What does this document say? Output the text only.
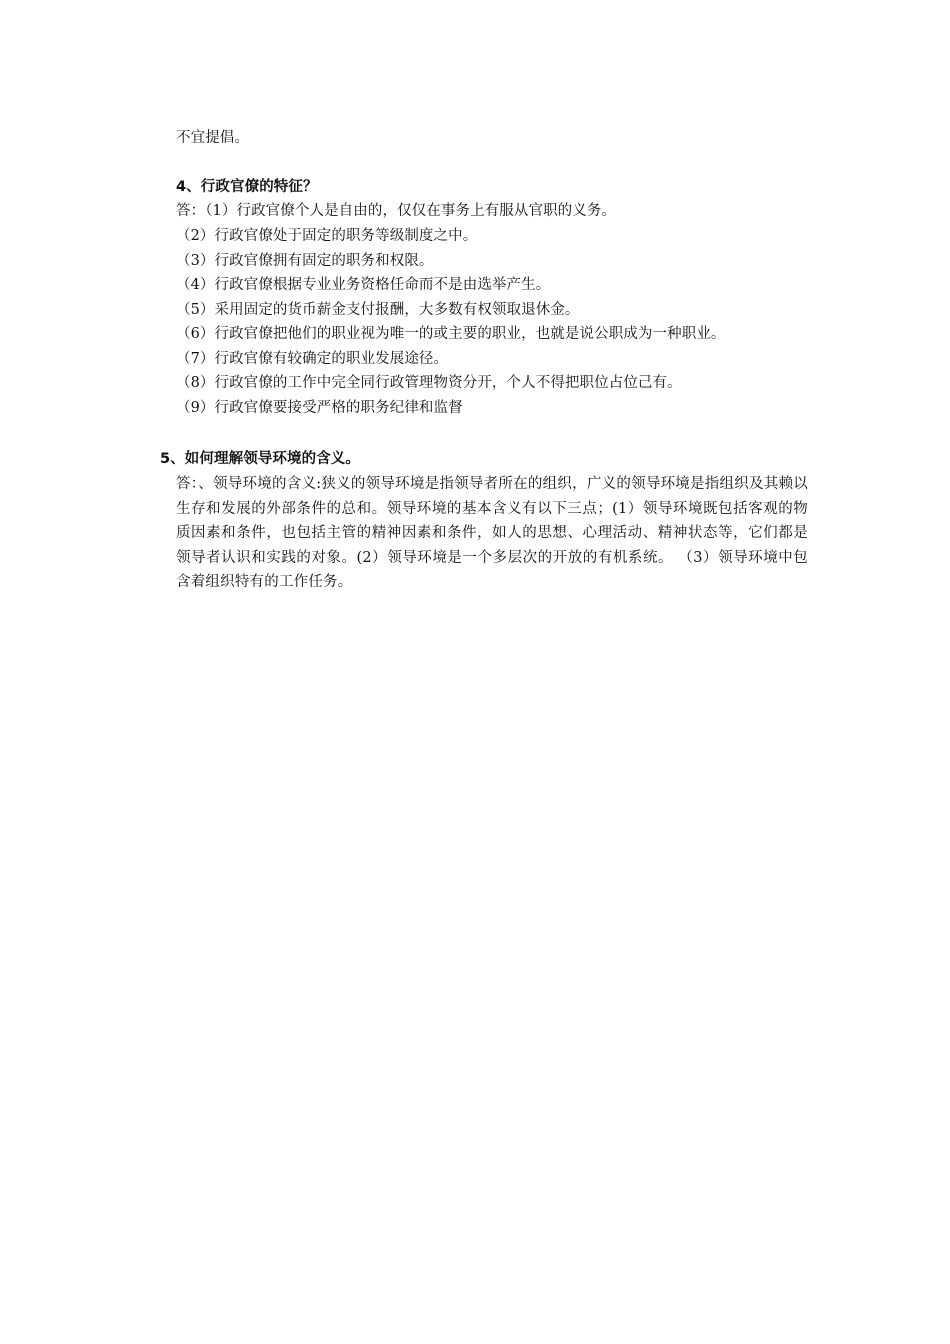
不宜提倡。
4、行政官僚的特征？
答：（1）行政官僚个人是自由的，仅仅在事务上有服从官职的义务。
（2）行政官僚处于固定的职务等级制度之中。
（3）行政官僚拥有固定的职务和权限。
（4）行政官僚根据专业业务资格任命而不是由选举产生。
（5）采用固定的货币薪金支付报酬，大多数有权领取退休金。
（6）行政官僚把他们的职业视为唯一的或主要的职业，也就是说公职成为一种职业。
（7）行政官僚有较确定的职业发展途径。
（8）行政官僚的工作中完全同行政管理物资分开，个人不得把职位占位己有。
（9）行政官僚要接受严格的职务纪律和监督
5、如何理解领导环境的含义。
答：、领导环境的含义:狭义的领导环境是指领导者所在的组织，广义的领导环境是指组织及其赖以生存和发展的外部条件的总和。领导环境的基本含义有以下三点；(1）领导环境既包括客观的物质因素和条件，也包括主管的精神因素和条件，如人的思想、心理活动、精神状态等，它们都是领导者认识和实践的对象。(2）领导环境是一个多层次的开放的有机系统。 （3）领导环境中包含着组织特有的工作任务。
